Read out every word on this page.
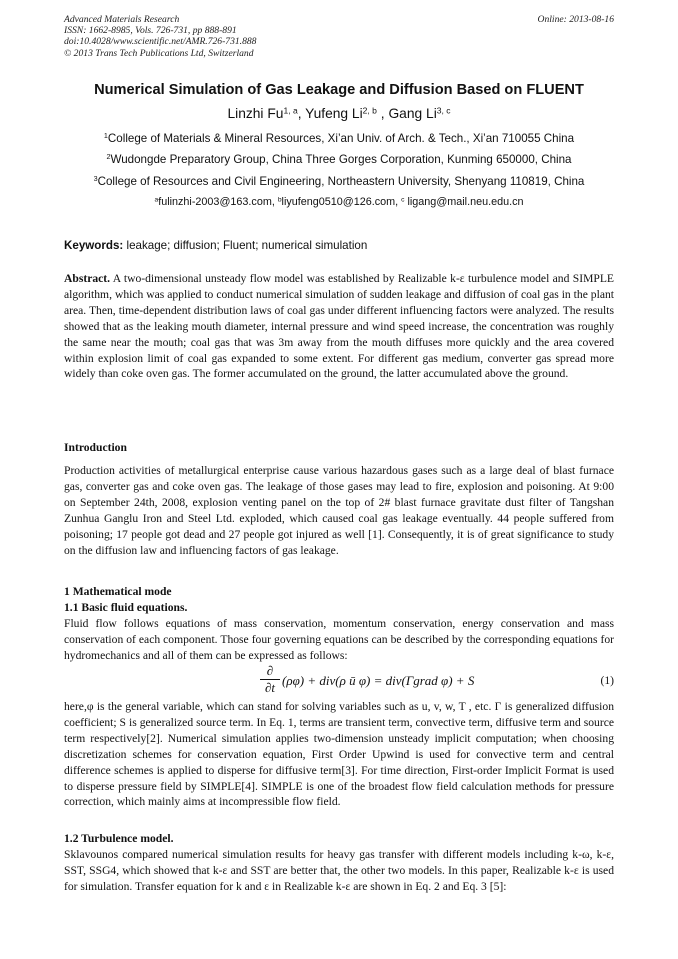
Advanced Materials Research
ISSN: 1662-8985, Vols. 726-731, pp 888-891
doi:10.4028/www.scientific.net/AMR.726-731.888
© 2013 Trans Tech Publications Ltd, Switzerland
Online: 2013-08-16
Numerical Simulation of Gas Leakage and Diffusion Based on FLUENT
Linzhi Fu$^{1, a}$, Yufeng Li$^{2, b}$ , Gang Li$^{3, c}$
$^1$College of Materials & Mineral Resources, Xi’an Univ. of Arch. & Tech., Xi’an 710055 China
$^2$Wudongde Preparatory Group, China Three Gorges Corporation, Kunming 650000, China
$^3$College of Resources and Civil Engineering, Northeastern University, Shenyang 110819, China
$^a$fulinzhi-2003@163.com, $^b$liyufeng0510@126.com, $^c$ ligang@mail.neu.edu.cn
Keywords: leakage; diffusion; Fluent; numerical simulation
Abstract. A two-dimensional unsteady flow model was established by Realizable k-ε turbulence model and SIMPLE algorithm, which was applied to conduct numerical simulation of sudden leakage and diffusion of coal gas in the plant area. Then, time-dependent distribution laws of coal gas under different influencing factors were analyzed. The results showed that as the leaking mouth diameter, internal pressure and wind speed increase, the concentration was roughly the same near the mouth; coal gas that was 3m away from the mouth diffuses more quickly and the area covered within explosion limit of coal gas expanded to some extent. For different gas medium, converter gas spread more widely than coke oven gas. The former accumulated on the ground, the latter accumulated above the ground.
Introduction
Production activities of metallurgical enterprise cause various hazardous gases such as a large deal of blast furnace gas, converter gas and coke oven gas. The leakage of those gases may lead to fire, explosion and poisoning. At 9:00 on September 24th, 2008, explosion venting panel on the top of 2# blast furnace gravitate dust filter of Tangshan Zunhua Ganglu Iron and Steel Ltd. exploded, which caused coal gas leakage eventually. 44 people suffered from poisoning; 17 people got dead and 27 people got injured as well [1]. Consequently, it is of great significance to study on the diffusion law and influencing factors of gas leakage.
1 Mathematical mode
1.1 Basic fluid equations.
Fluid flow follows equations of mass conservation, momentum conservation, energy conservation and mass conservation of each component. Those four governing equations can be described by the corresponding equations for hydromechanics and all of them can be expressed as follows:
∂
∂t (ρφ) + div(ρ ū φ) = div(Γgrad φ) + S	(1)
here,φ is the general variable, which can stand for solving variables such as u, v, w, T , etc. Γ is generalized diffusion coefficient; S is generalized source term. In Eq. 1, terms are transient term, convective term, diffusive term and source term respectively[2]. Numerical simulation applies two-dimension unsteady implicit computation; when choosing discretization schemes for conservation equation, First Order Upwind is used for convective term and central difference schemes is applied to disperse for diffusive term[3]. For time direction, First-order Implicit Format is used to disperse pressure field by SIMPLE[4]. SIMPLE is one of the broadest flow field calculation methods for pressure correction, which mainly aims at incompressible flow field.
1.2 Turbulence model.
Sklavounos compared numerical simulation results for heavy gas transfer with different models including k-ω, k-ε, SST, SSG4, which showed that k-ε and SST are better that, the other two models. In this paper, Realizable k-ε is used for simulation. Transfer equation for k and ε in Realizable k-ε are shown in Eq. 2 and Eq. 3 [5]:
